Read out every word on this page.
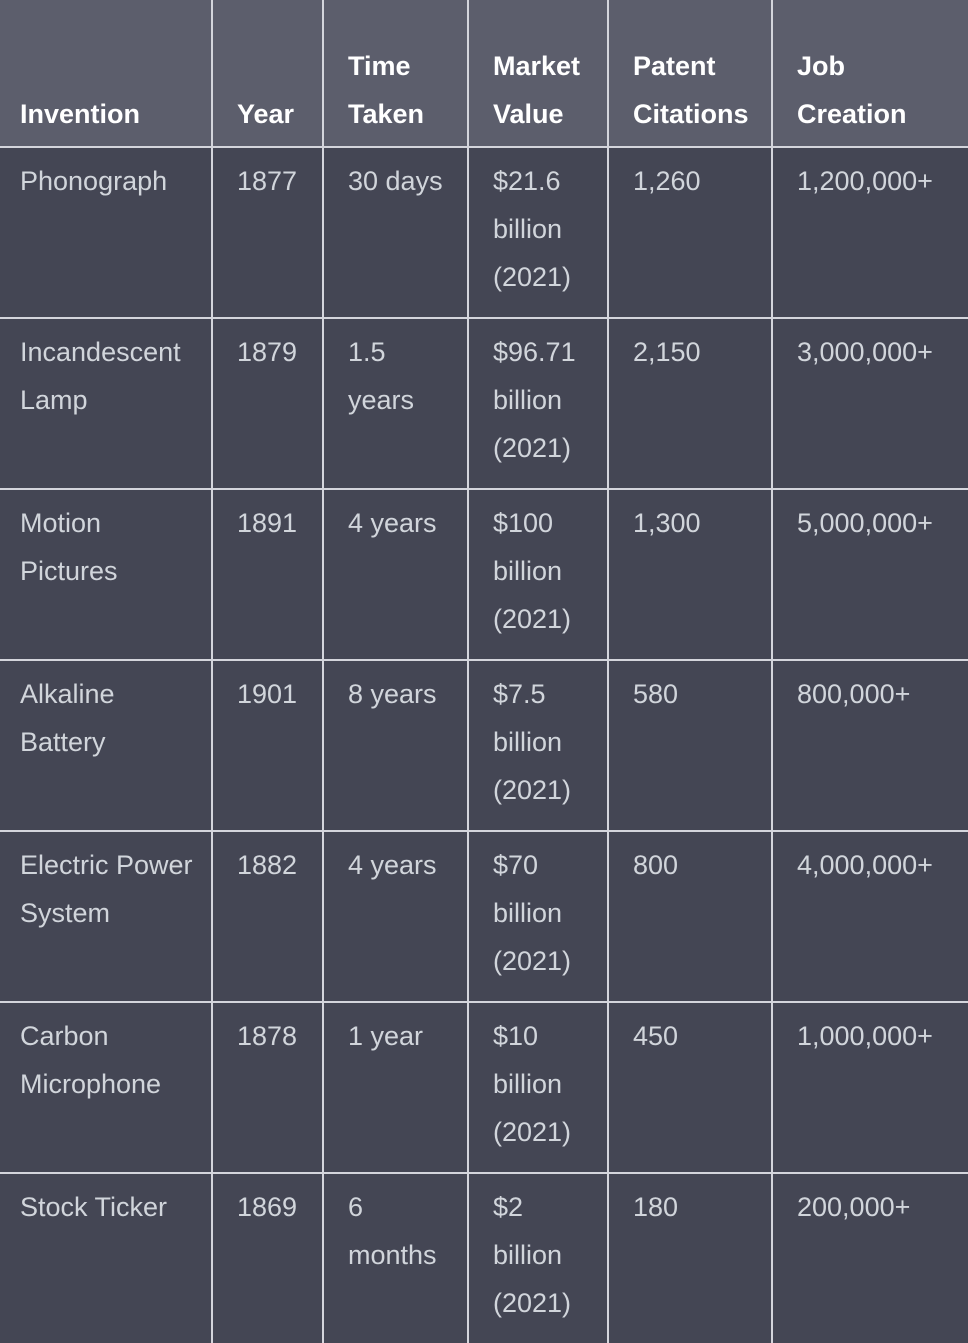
Invention	Year	Time Taken	Market Value	Patent Citations	Job Creation
Phonograph	1877	30 days	$21.6 billion (2021)	1,260	1,200,000+
Incandescent Lamp	1879	1.5 years	$96.71 billion (2021)	2,150	3,000,000+
Motion Pictures	1891	4 years	$100 billion (2021)	1,300	5,000,000+
Alkaline Battery	1901	8 years	$7.5 billion (2021)	580	800,000+
Electric Power System	1882	4 years	$70 billion (2021)	800	4,000,000+
Carbon Microphone	1878	1 year	$10 billion (2021)	450	1,000,000+
Stock Ticker	1869	6 months	$2 billion (2021)	180	200,000+
